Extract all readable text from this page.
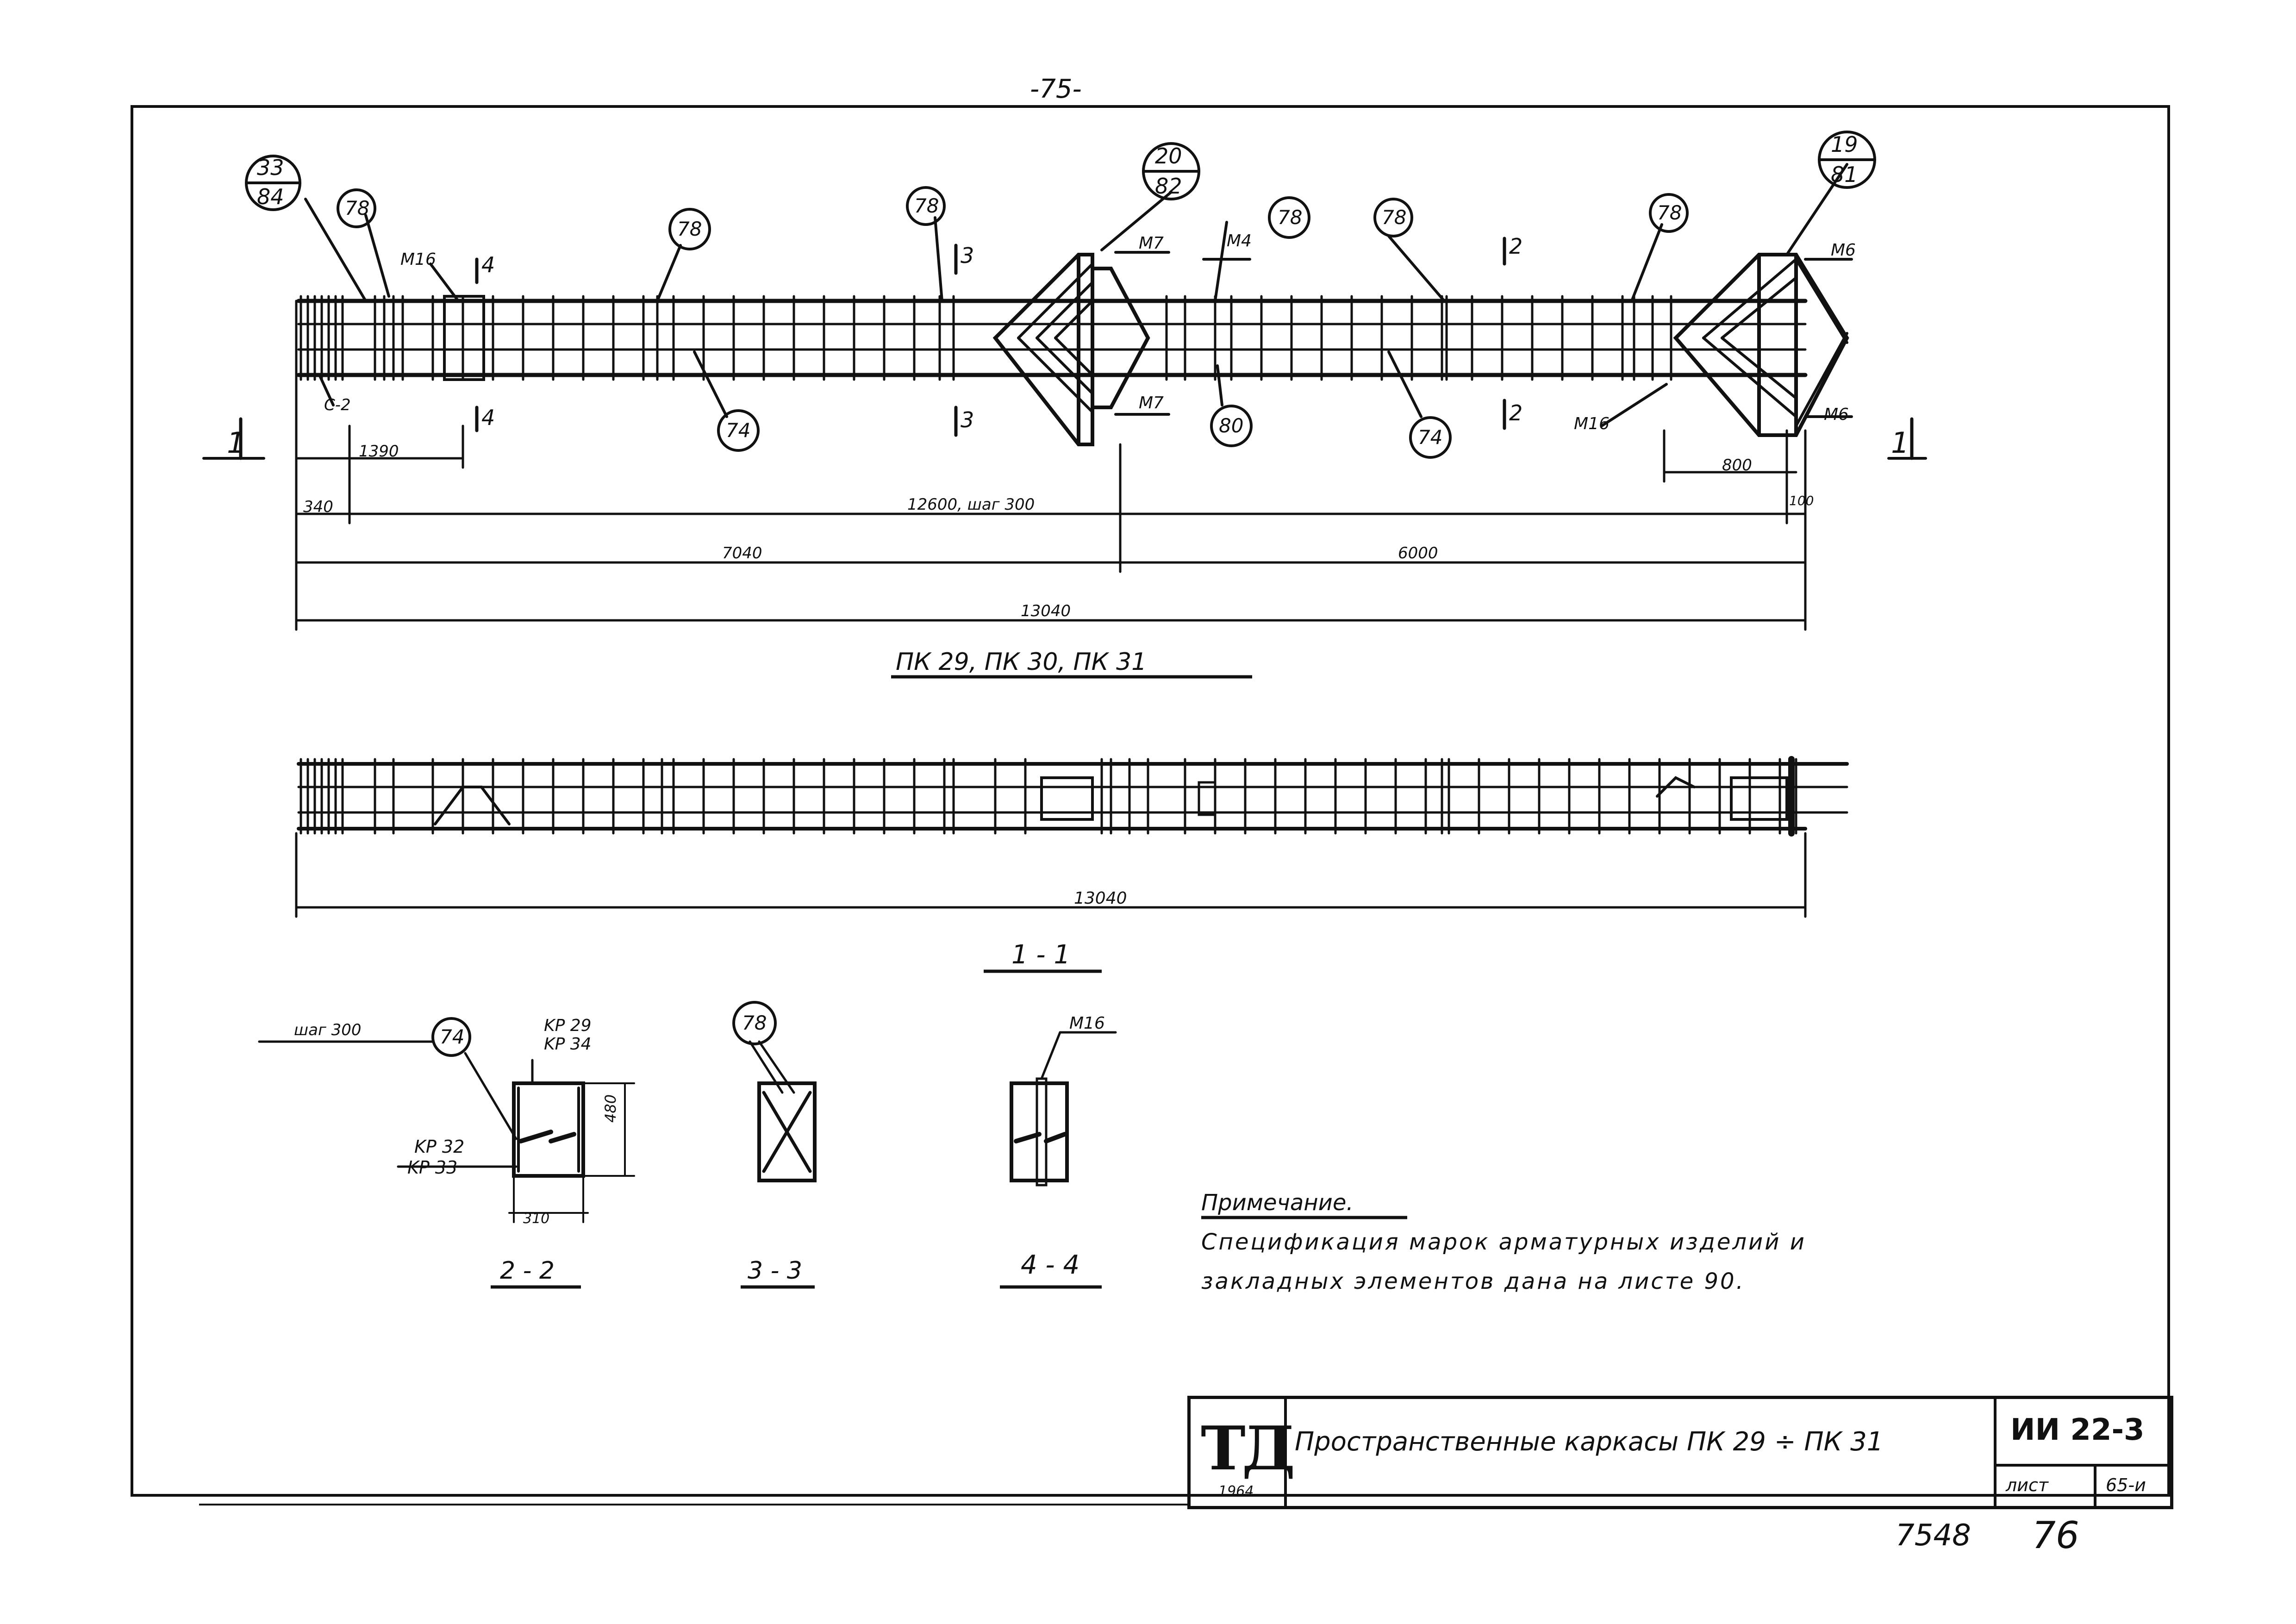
-75-
33
84
20
82
19
81
78
78
78
78	78	78
74	74
80
74
78
M16
M16
M16
M7
M7
M4	M6
M6
C-2
4
4
3
3
2
2
1	1
1390
340	12600, шаг 300	100
800
7040	6000
13040
13040
480
310
шаг 300	KP 29
KP 34
KP 32
KP 33
ПК 29, ПК 30, ПК 31
1 - 1
2 - 2	3 - 3	4 - 4
Примечание.
Спецификация марок арматурных изделий и
закладных элементов дана на листе 90.
ТД
1964
Пространственные каркасы ПК 29 ÷ ПК 31	ИИ 22-3
лист	65-и
7548 76
